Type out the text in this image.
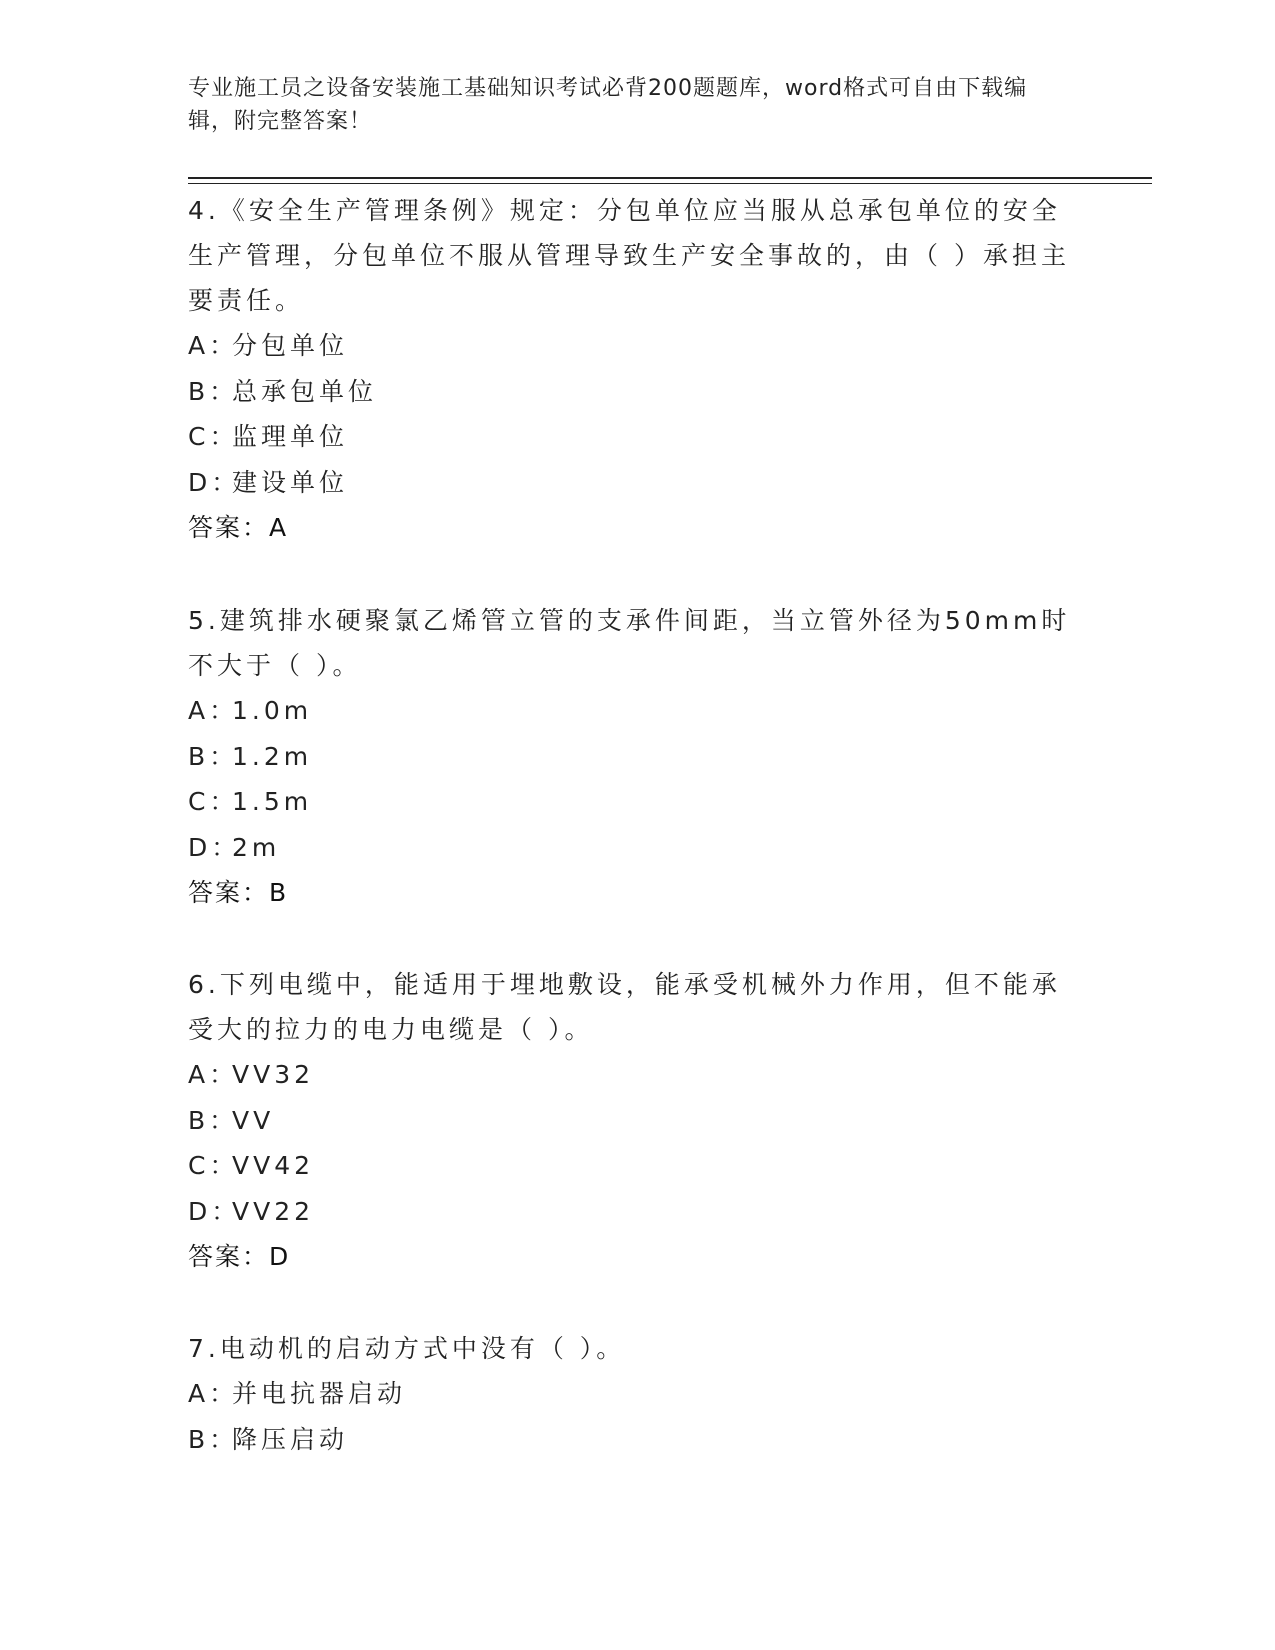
专业施工员之设备安装施工基础知识考试必背200题题库，word格式可自由下载编辑，附完整答案！

4.《安全生产管理条例》规定：分包单位应当服从总承包单位的安全生产管理，分包单位不服从管理导致生产安全事故的，由（ ）承担主要责任。

A：分包单位

B：总承包单位

C：监理单位

D：建设单位

答案：A

5.建筑排水硬聚氯乙烯管立管的支承件间距，当立管外径为50mm时不大于（ ）。

A：1.0m

B：1.2m

C：1.5m

D：2m

答案：B

6.下列电缆中，能适用于埋地敷设，能承受机械外力作用，但不能承受大的拉力的电力电缆是（ ）。

A：VV32

B：VV

C：VV42

D：VV22

答案：D

7.电动机的启动方式中没有（ ）。

A：并电抗器启动

B：降压启动
